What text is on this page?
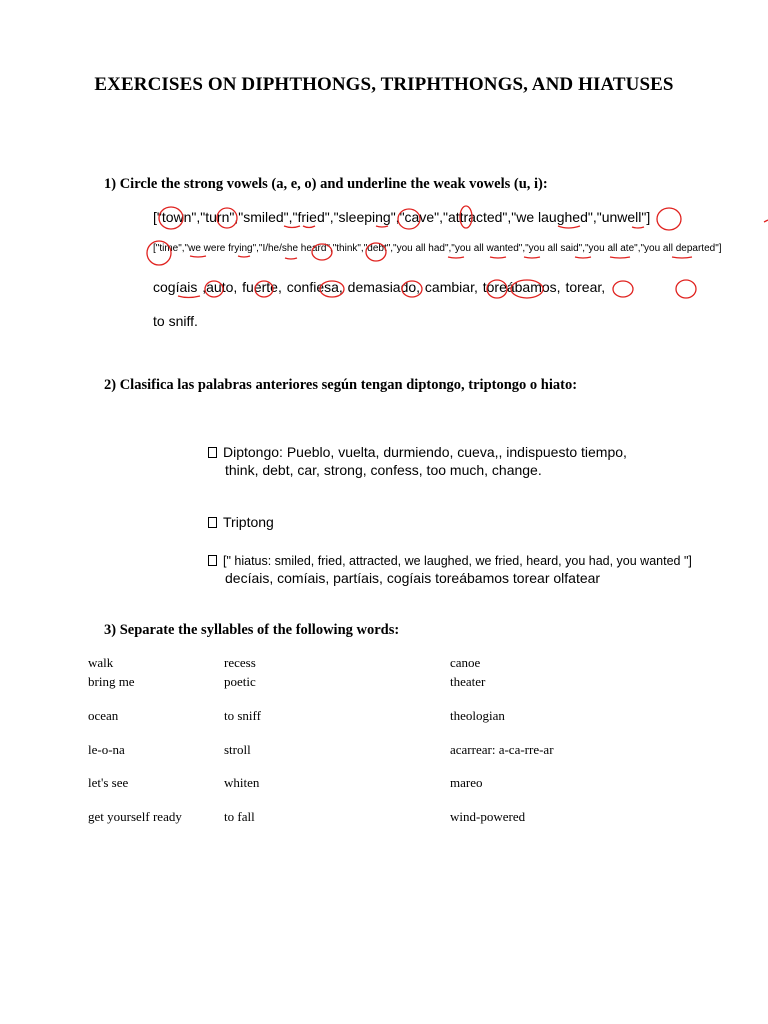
EXERCISES ON DIPHTHONGS, TRIPHTHONGS, AND HIATUSES
1) Circle the strong vowels (a, e, o) and underline the weak vowels (u, i):
["town","turn","smiled","fried","sleeping","cave","attracted","we laughed","unwell"]
["time","we were frying","I/he/she heard","think","debt","you all had","you all wanted","you all said","you all ate","you all departed"]
cogíais ,auto, fuerte, confiesa, demasiado, cambiar, toreábamos, torear,
to sniff.
2) Clasifica las palabras anteriores según tengan diptongo, triptongo o hiato:
Diptongo: Pueblo, vuelta, durmiendo, cueva,, indispuesto tiempo,
think, debt, car, strong, confess, too much, change.
Triptong
[" hiatus: smiled, fried, attracted, we laughed, we fried, heard, you had, you wanted "]
decíais, comíais, partíais, cogíais toreábamos torear olfatear
3) Separate the syllables of the following words:
walk
bring me
ocean
le-o-na
let's see
get yourself ready
recess
poetic
to sniff
stroll
whiten
to fall
canoe
theater
theologian
acarrear: a-ca-rre-ar
mareo
wind-powered
